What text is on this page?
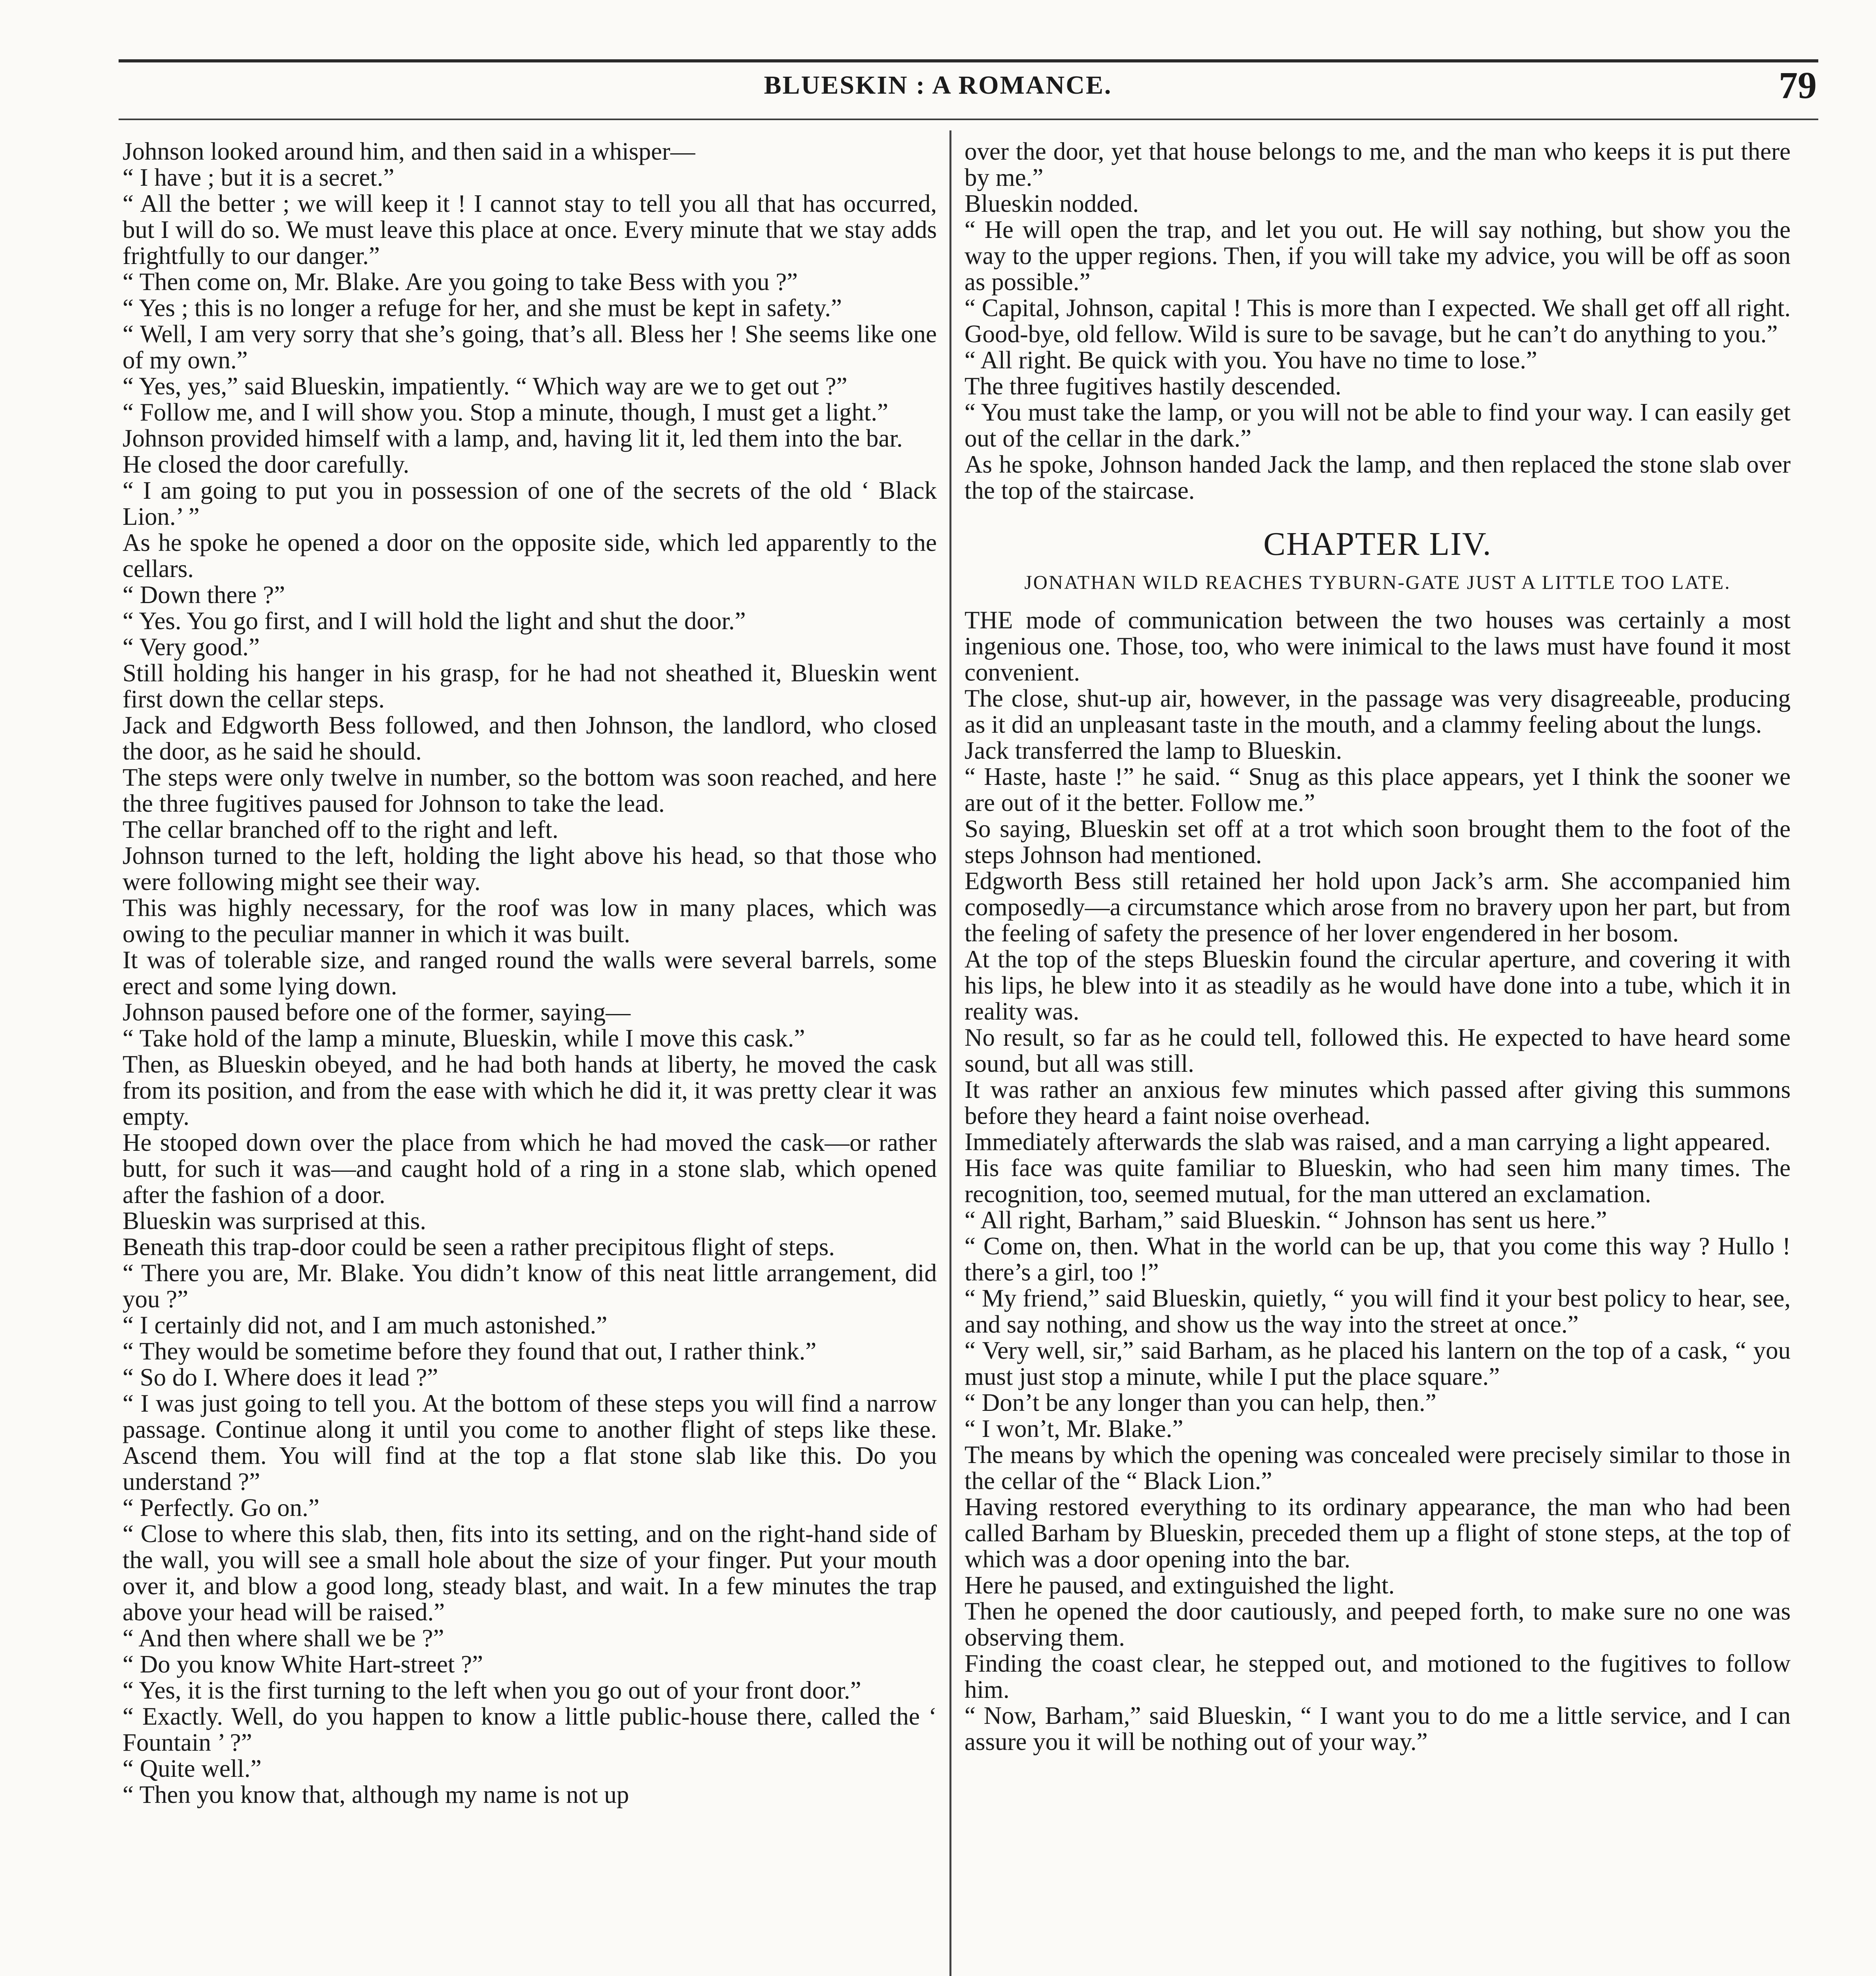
BLUESKIN : A ROMANCE.	79

Johnson looked around him, and then said in a whisper—

“ I have ; but it is a secret.”

“ All the better ; we will keep it ! I cannot stay to tell you all that has occurred, but I will do so. We must leave this place at once. Every minute that we stay adds frightfully to our danger.”

“ Then come on, Mr. Blake. Are you going to take Bess with you ?”

“ Yes ; this is no longer a refuge for her, and she must be kept in safety.”

“ Well, I am very sorry that she’s going, that’s all. Bless her ! She seems like one of my own.”

“ Yes, yes,” said Blueskin, impatiently. “ Which way are we to get out ?”

“ Follow me, and I will show you. Stop a minute, though, I must get a light.”

Johnson provided himself with a lamp, and, having lit it, led them into the bar.

He closed the door carefully.

“ I am going to put you in possession of one of the secrets of the old ‘ Black Lion.’ ”

As he spoke he opened a door on the opposite side, which led apparently to the cellars.

“ Down there ?”

“ Yes. You go first, and I will hold the light and shut the door.”

“ Very good.”

Still holding his hanger in his grasp, for he had not sheathed it, Blueskin went first down the cellar steps.

Jack and Edgworth Bess followed, and then Johnson, the landlord, who closed the door, as he said he should.

The steps were only twelve in number, so the bottom was soon reached, and here the three fugitives paused for Johnson to take the lead.

The cellar branched off to the right and left.

Johnson turned to the left, holding the light above his head, so that those who were following might see their way.

This was highly necessary, for the roof was low in many places, which was owing to the peculiar manner in which it was built.

It was of tolerable size, and ranged round the walls were several barrels, some erect and some lying down.

Johnson paused before one of the former, saying—

“ Take hold of the lamp a minute, Blueskin, while I move this cask.”

Then, as Blueskin obeyed, and he had both hands at liberty, he moved the cask from its position, and from the ease with which he did it, it was pretty clear it was empty.

He stooped down over the place from which he had moved the cask—or rather butt, for such it was—and caught hold of a ring in a stone slab, which opened after the fashion of a door.

Blueskin was surprised at this.

Beneath this trap-door could be seen a rather precipitous flight of steps.

“ There you are, Mr. Blake. You didn’t know of this neat little arrangement, did you ?”

“ I certainly did not, and I am much astonished.”

“ They would be sometime before they found that out, I rather think.”

“ So do I. Where does it lead ?”

“ I was just going to tell you. At the bottom of these steps you will find a narrow passage. Continue along it until you come to another flight of steps like these. Ascend them. You will find at the top a flat stone slab like this. Do you understand ?”

“ Perfectly. Go on.”

“ Close to where this slab, then, fits into its setting, and on the right-hand side of the wall, you will see a small hole about the size of your finger. Put your mouth over it, and blow a good long, steady blast, and wait. In a few minutes the trap above your head will be raised.”

“ And then where shall we be ?”

“ Do you know White Hart-street ?”

“ Yes, it is the first turning to the left when you go out of your front door.”

“ Exactly. Well, do you happen to know a little public-house there, called the ‘ Fountain ’ ?”

“ Quite well.”

“ Then you know that, although my name is not up

over the door, yet that house belongs to me, and the man who keeps it is put there by me.”

Blueskin nodded.

“ He will open the trap, and let you out. He will say nothing, but show you the way to the upper regions. Then, if you will take my advice, you will be off as soon as possible.”

“ Capital, Johnson, capital ! This is more than I expected. We shall get off all right. Good-bye, old fellow. Wild is sure to be savage, but he can’t do anything to you.”

“ All right. Be quick with you. You have no time to lose.”

The three fugitives hastily descended.

“ You must take the lamp, or you will not be able to find your way. I can easily get out of the cellar in the dark.”

As he spoke, Johnson handed Jack the lamp, and then replaced the stone slab over the top of the staircase.

CHAPTER LIV.
JONATHAN WILD REACHES TYBURN-GATE JUST A LITTLE TOO LATE.

THE mode of communication between the two houses was certainly a most ingenious one. Those, too, who were inimical to the laws must have found it most convenient.

The close, shut-up air, however, in the passage was very disagreeable, producing as it did an unpleasant taste in the mouth, and a clammy feeling about the lungs.

Jack transferred the lamp to Blueskin.

“ Haste, haste !” he said. “ Snug as this place appears, yet I think the sooner we are out of it the better. Follow me.”

So saying, Blueskin set off at a trot which soon brought them to the foot of the steps Johnson had mentioned.

Edgworth Bess still retained her hold upon Jack’s arm. She accompanied him composedly—a circumstance which arose from no bravery upon her part, but from the feeling of safety the presence of her lover engendered in her bosom.

At the top of the steps Blueskin found the circular aperture, and covering it with his lips, he blew into it as steadily as he would have done into a tube, which it in reality was.

No result, so far as he could tell, followed this. He expected to have heard some sound, but all was still.

It was rather an anxious few minutes which passed after giving this summons before they heard a faint noise overhead.

Immediately afterwards the slab was raised, and a man carrying a light appeared.

His face was quite familiar to Blueskin, who had seen him many times. The recognition, too, seemed mutual, for the man uttered an exclamation.

“ All right, Barham,” said Blueskin. “ Johnson has sent us here.”

“ Come on, then. What in the world can be up, that you come this way ? Hullo ! there’s a girl, too !”

“ My friend,” said Blueskin, quietly, “ you will find it your best policy to hear, see, and say nothing, and show us the way into the street at once.”

“ Very well, sir,” said Barham, as he placed his lantern on the top of a cask, “ you must just stop a minute, while I put the place square.”

“ Don’t be any longer than you can help, then.”

“ I won’t, Mr. Blake.”

The means by which the opening was concealed were precisely similar to those in the cellar of the “ Black Lion.”

Having restored everything to its ordinary appearance, the man who had been called Barham by Blueskin, preceded them up a flight of stone steps, at the top of which was a door opening into the bar.

Here he paused, and extinguished the light.

Then he opened the door cautiously, and peeped forth, to make sure no one was observing them.

Finding the coast clear, he stepped out, and motioned to the fugitives to follow him.

“ Now, Barham,” said Blueskin, “ I want you to do me a little service, and I can assure you it will be nothing out of your way.”
